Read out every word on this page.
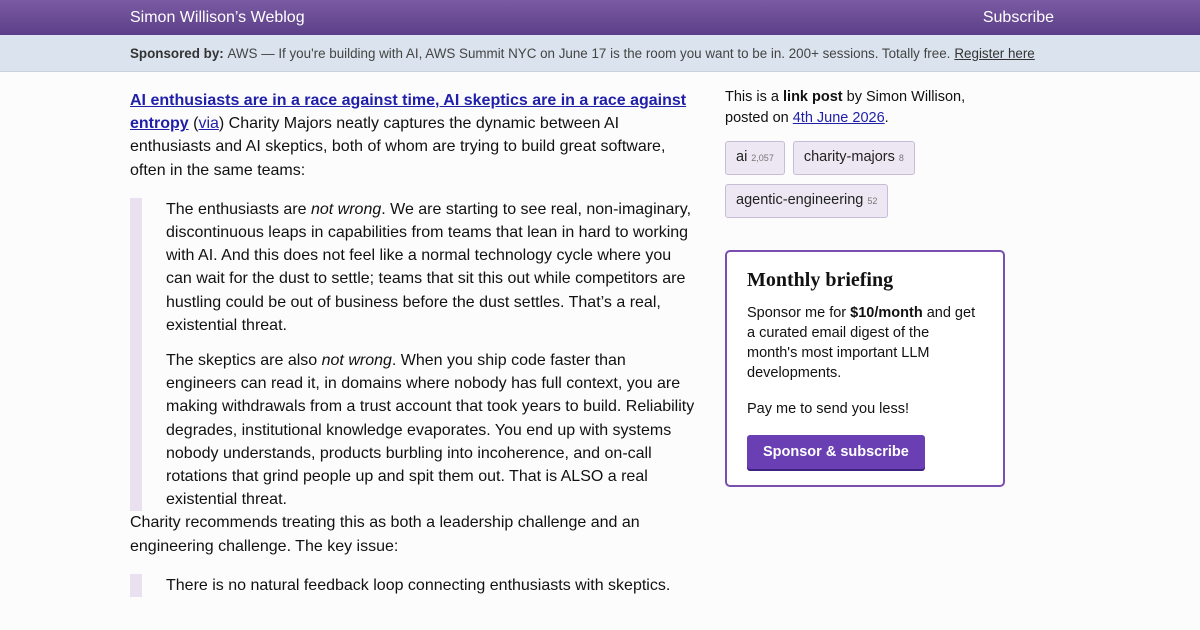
Simon Willison’s Weblog	Subscribe
Sponsored by:
AWS — If you're building with AI, AWS Summit NYC on June 17 is the room you want to be in. 200+ sessions. Totally free. Register here

AI enthusiasts are in a race against time, AI skeptics are in a race against entropy (via) Charity Majors neatly captures the dynamic between AI enthusiasts and AI skeptics, both of whom are trying to build great software, often in the same teams:

The enthusiasts are not wrong. We are starting to see real, non-imaginary, discontinuous leaps in capabilities from teams that lean in hard to working with AI. And this does not feel like a normal technology cycle where you can wait for the dust to settle; teams that sit this out while competitors are hustling could be out of business before the dust settles. That’s a real, existential threat.

The skeptics are also not wrong. When you ship code faster than engineers can read it, in domains where nobody has full context, you are making withdrawals from a trust account that took years to build. Reliability degrades, institutional knowledge evaporates. You end up with systems nobody understands, products burbling into incoherence, and on-call rotations that grind people up and spit them out. That is ALSO a real existential threat.

Charity recommends treating this as both a leadership challenge and an engineering challenge. The key issue:

There is no natural feedback loop connecting enthusiasts with skeptics.

This is a link post by Simon Willison, posted on 4th June 2026.
ai 2,057 charity-majors 8
agentic-engineering 52
Monthly briefing

Sponsor me for $10/month and get a curated email digest of the month's most important LLM developments.

Pay me to send you less!

Sponsor & subscribe
